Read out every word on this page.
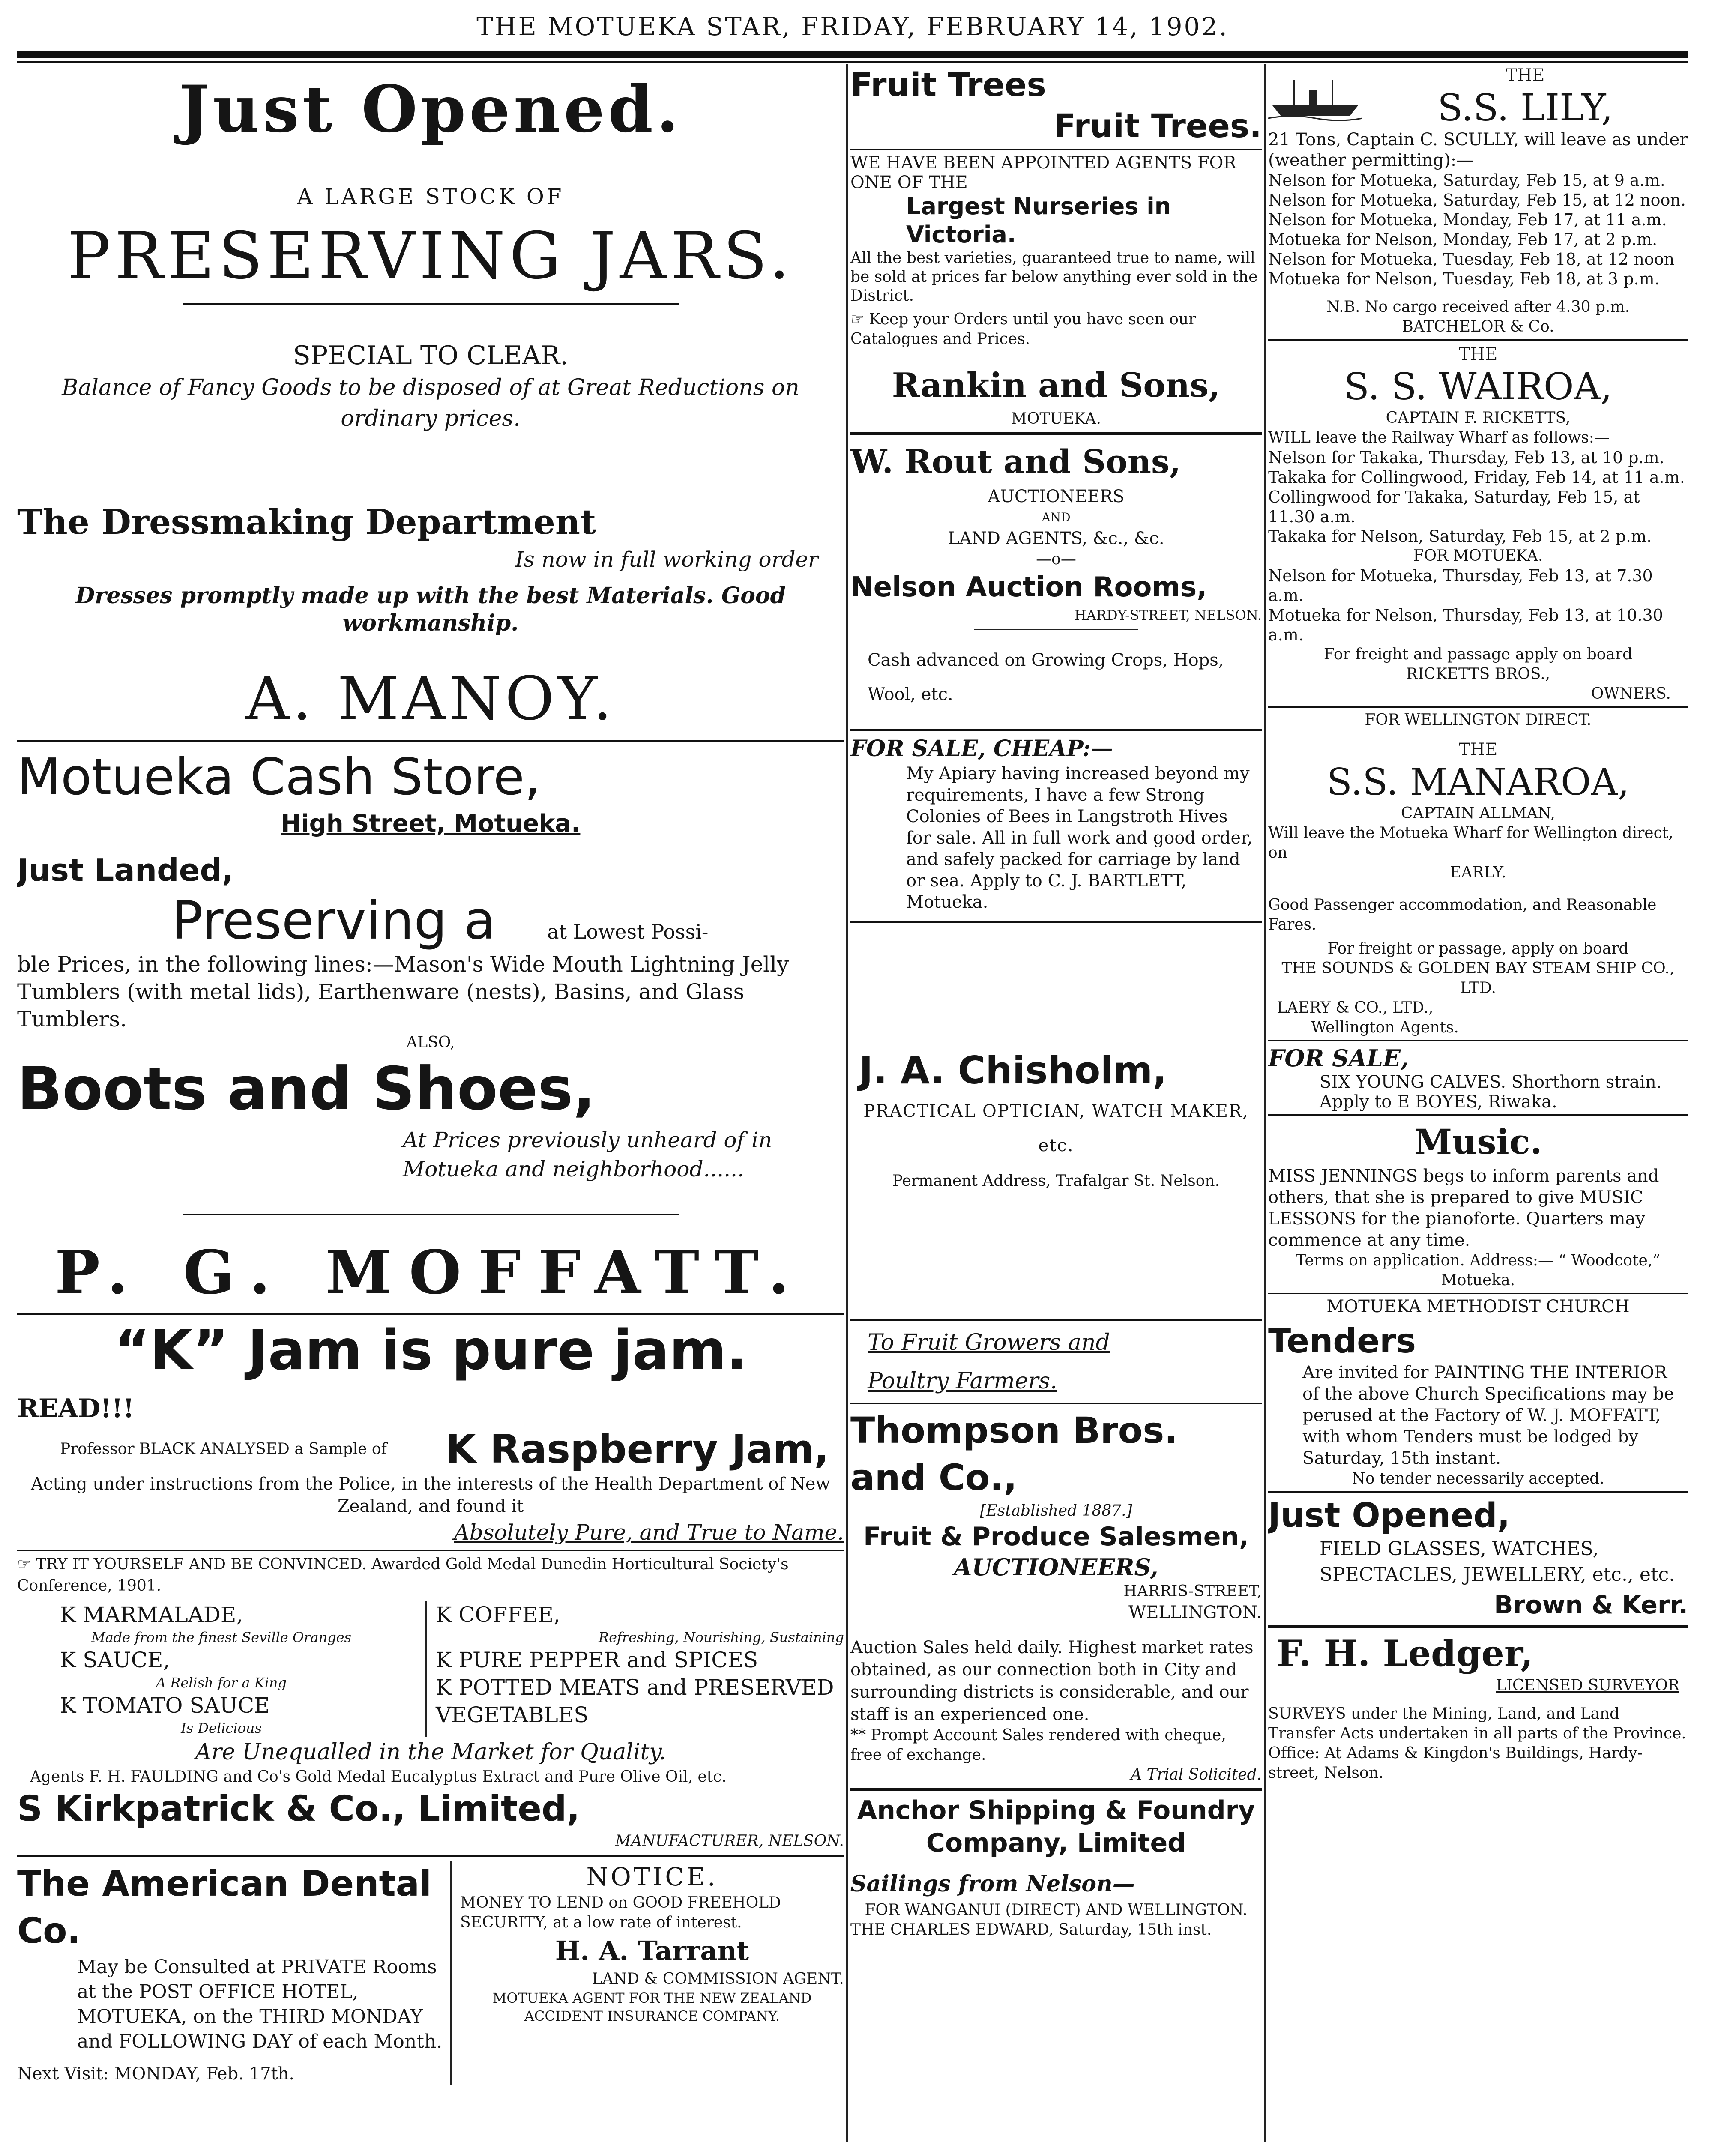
THE MOTUEKA STAR, FRIDAY, FEBRUARY 14, 1902.
Just Opened.
A LARGE STOCK OF
PRESERVING JARS.
SPECIAL TO CLEAR.
Balance of Fancy Goods to be disposed of at Great Reductions on ordinary prices.
The Dressmaking Department
Is now in full working order
Dresses promptly made up with the best Materials. Good workmanship.
A. MANOY.
Motueka Cash Store,
High Street, Motueka.
Just Landed,
Preserving a	at Lowest Possi-
ble Prices, in the following lines:—Mason's Wide Mouth Lightning Jelly Tumblers (with metal lids), Earthenware (nests), Basins, and Glass Tumblers.
ALSO,
Boots and Shoes,
At Prices previously unheard of in Motueka and neighborhood......
P. G. MOFFATT.
“K” Jam is pure jam.
READ!!!
Professor BLACK ANALYSED a Sample of	K Raspberry Jam,
Acting under instructions from the Police, in the interests of the Health Department of New Zealand, and found it
Absolutely Pure, and True to Name.
☞ TRY IT YOURSELF AND BE CONVINCED. Awarded Gold Medal Dunedin Horticultural Society's Conference, 1901.
K MARMALADE,
Made from the finest Seville Oranges
K SAUCE,
A Relish for a King
K TOMATO SAUCE
Is Delicious
K COFFEE,
Refreshing, Nourishing, Sustaining
K PURE PEPPER and SPICES
K POTTED MEATS and PRESERVED VEGETABLES
Are Unequalled in the Market for Quality.
Agents F. H. FAULDING and Co's Gold Medal Eucalyptus Extract and Pure Olive Oil, etc.
S Kirkpatrick & Co., Limited,
MANUFACTURER, NELSON.
The American Dental Co.
May be Consulted at PRIVATE Rooms at the POST OFFICE HOTEL, MOTUEKA, on the THIRD MONDAY and FOLLOWING DAY of each Month.
Next Visit: MONDAY, Feb. 17th.
NOTICE.
MONEY TO LEND on GOOD FREEHOLD SECURITY, at a low rate of interest.
H. A. Tarrant
LAND & COMMISSION AGENT.
MOTUEKA AGENT FOR THE NEW ZEALAND ACCIDENT INSURANCE COMPANY.
Fruit Trees
Fruit Trees.
WE HAVE BEEN APPOINTED AGENTS FOR ONE OF THE
Largest Nurseries in Victoria.
All the best varieties, guaranteed true to name, will be sold at prices far below anything ever sold in the District.
☞ Keep your Orders until you have seen our Catalogues and Prices.
Rankin and Sons,
MOTUEKA.
W. Rout and Sons,
AUCTIONEERS
AND
LAND AGENTS, &c., &c.
—o—
Nelson Auction Rooms,
HARDY-STREET, NELSON.
Cash advanced on Growing Crops, Hops, Wool, etc.
FOR SALE, CHEAP:—
My Apiary having increased beyond my requirements, I have a few Strong Colonies of Bees in Langstroth Hives for sale. All in full work and good order, and safely packed for carriage by land or sea. Apply to C. J. BARTLETT, Motueka.
J. A. Chisholm,
PRACTICAL OPTICIAN, WATCH MAKER, etc.
Permanent Address, Trafalgar St. Nelson.
To Fruit Growers and Poultry Farmers.
Thompson Bros. and Co.,
[Established 1887.]
Fruit & Produce Salesmen,
AUCTIONEERS,
HARRIS-STREET,
WELLINGTON.
Auction Sales held daily. Highest market rates obtained, as our connection both in City and surrounding districts is considerable, and our staff is an experienced one.
** Prompt Account Sales rendered with cheque, free of exchange.
A Trial Solicited.
Anchor Shipping & Foundry Company, Limited
Sailings from Nelson—
FOR WANGANUI (DIRECT) AND WELLINGTON.
THE CHARLES EDWARD, Saturday, 15th inst.
THE
S.S. LILY,
21 Tons, Captain C. SCULLY, will leave as under (weather permitting):—
Nelson for Motueka, Saturday, Feb 15, at 9 a.m.
Nelson for Motueka, Saturday, Feb 15, at 12 noon.
Nelson for Motueka, Monday, Feb 17, at 11 a.m.
Motueka for Nelson, Monday, Feb 17, at 2 p.m.
Nelson for Motueka, Tuesday, Feb 18, at 12 noon
Motueka for Nelson, Tuesday, Feb 18, at 3 p.m.
N.B. No cargo received after 4.30 p.m.
BATCHELOR & Co.
THE
S. S. WAIROA,
CAPTAIN F. RICKETTS,
WILL leave the Railway Wharf as follows:—
Nelson for Takaka, Thursday, Feb 13, at 10 p.m.
Takaka for Collingwood, Friday, Feb 14, at 11 a.m.
Collingwood for Takaka, Saturday, Feb 15, at 11.30 a.m.
Takaka for Nelson, Saturday, Feb 15, at 2 p.m.
FOR MOTUEKA.
Nelson for Motueka, Thursday, Feb 13, at 7.30 a.m.
Motueka for Nelson, Thursday, Feb 13, at 10.30 a.m.
For freight and passage apply on board
RICKETTS BROS.,
OWNERS.
FOR WELLINGTON DIRECT.
THE
S.S. MANAROA,
CAPTAIN ALLMAN,
Will leave the Motueka Wharf for Wellington direct, on
EARLY.
Good Passenger accommodation, and Reasonable Fares.
For freight or passage, apply on board
THE SOUNDS & GOLDEN BAY STEAM SHIP CO., LTD.
LAERY & CO., LTD.,
Wellington Agents.
FOR SALE,
SIX YOUNG CALVES. Shorthorn strain. Apply to E BOYES, Riwaka.
Music.
MISS JENNINGS begs to inform parents and others, that she is prepared to give MUSIC LESSONS for the pianoforte. Quarters may commence at any time.
Terms on application. Address:— “ Woodcote,” Motueka.
MOTUEKA METHODIST CHURCH
Tenders
Are invited for PAINTING THE INTERIOR of the above Church Specifications may be perused at the Factory of W. J. MOFFATT, with whom Tenders must be lodged by Saturday, 15th instant.
No tender necessarily accepted.
Just Opened,
FIELD GLASSES, WATCHES, SPECTACLES, JEWELLERY, etc., etc.
Brown & Kerr.
F. H. Ledger,
LICENSED SURVEYOR
SURVEYS under the Mining, Land, and Land Transfer Acts undertaken in all parts of the Province.
Office: At Adams & Kingdon's Buildings, Hardy-street, Nelson.
